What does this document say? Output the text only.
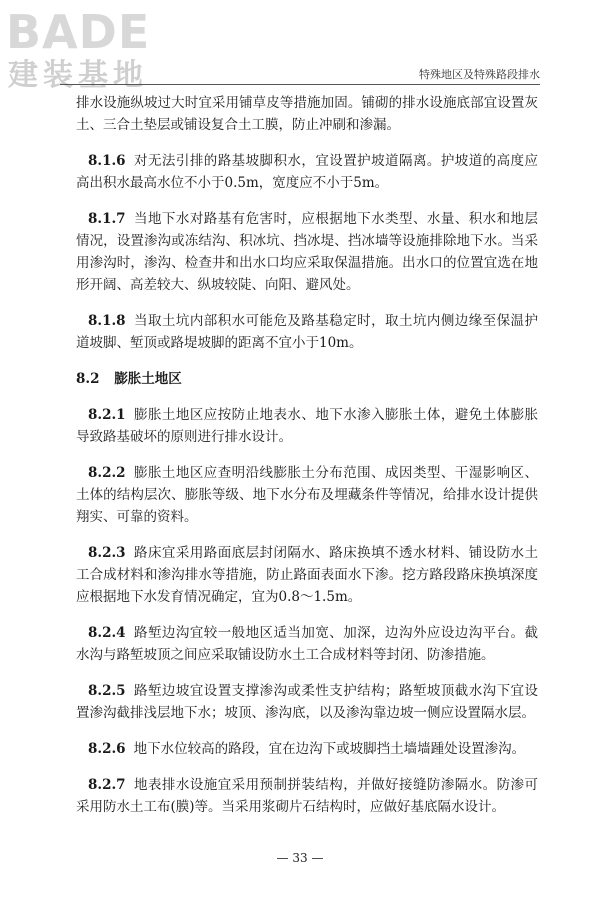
BADE
建装基地	特殊地区及特殊路段排水

排水设施纵坡过大时宜采用铺草皮等措施加固。铺砌的排水设施底部宜设置灰土、三合土垫层或铺设复合土工膜，防止冲刷和渗漏。

8.1.6 对无法引排的路基坡脚积水，宜设置护坡道隔离。护坡道的高度应高出积水最高水位不小于0.5m，宽度应不小于5m。

8.1.7 当地下水对路基有危害时，应根据地下水类型、水量、积水和地层情况，设置渗沟或冻结沟、积冰坑、挡冰堤、挡冰墙等设施排除地下水。当采用渗沟时，渗沟、检查井和出水口均应采取保温措施。出水口的位置宜选在地形开阔、高差较大、纵坡较陡、向阳、避风处。

8.1.8 当取土坑内部积水可能危及路基稳定时，取土坑内侧边缘至保温护道坡脚、堑顶或路堤坡脚的距离不宜小于10m。

8.2 膨胀土地区

8.2.1 膨胀土地区应按防止地表水、地下水渗入膨胀土体，避免土体膨胀导致路基破坏的原则进行排水设计。

8.2.2 膨胀土地区应查明沿线膨胀土分布范围、成因类型、干湿影响区、土体的结构层次、膨胀等级、地下水分布及埋藏条件等情况，给排水设计提供翔实、可靠的资料。

8.2.3 路床宜采用路面底层封闭隔水、路床换填不透水材料、铺设防水土工合成材料和渗沟排水等措施，防止路面表面水下渗。挖方路段路床换填深度应根据地下水发育情况确定，宜为0.8～1.5m。

8.2.4 路堑边沟宜较一般地区适当加宽、加深，边沟外应设边沟平台。截水沟与路堑坡顶之间应采取铺设防水土工合成材料等封闭、防渗措施。

8.2.5 路堑边坡宜设置支撑渗沟或柔性支护结构；路堑坡顶截水沟下宜设置渗沟截排浅层地下水；坡顶、渗沟底，以及渗沟靠边坡一侧应设置隔水层。

8.2.6 地下水位较高的路段，宜在边沟下或坡脚挡土墙墙踵处设置渗沟。

8.2.7 地表排水设施宜采用预制拼装结构，并做好接缝防渗隔水。防渗可采用防水土工布(膜)等。当采用浆砌片石结构时，应做好基底隔水设计。

— 33 —
